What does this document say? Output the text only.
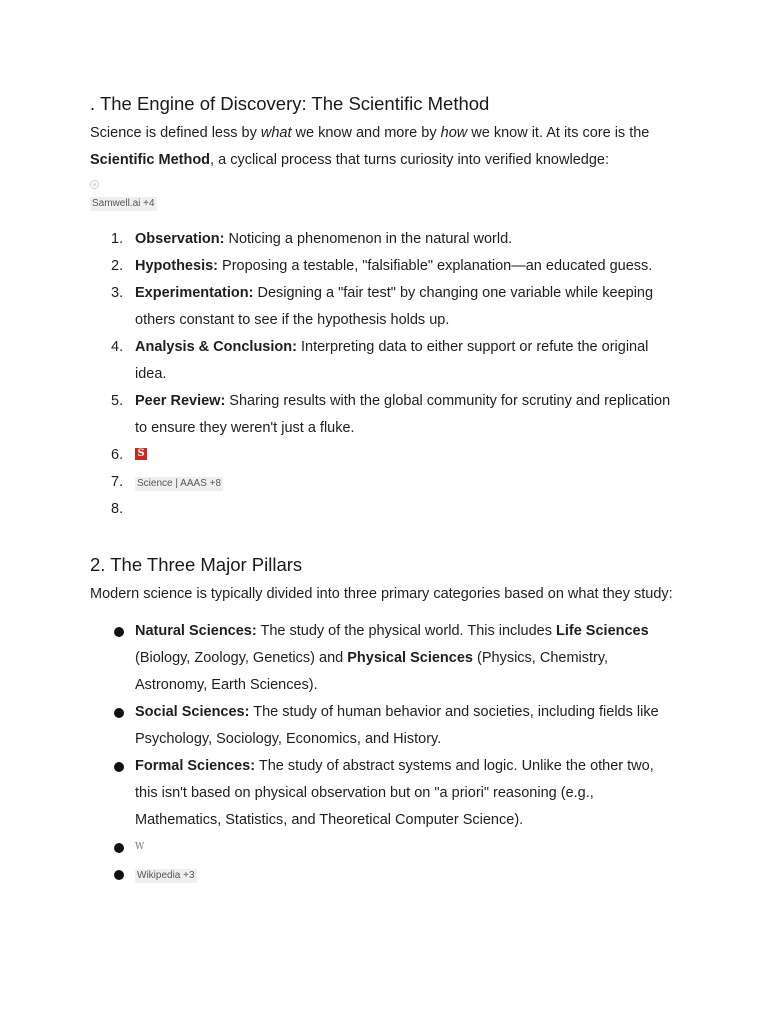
. The Engine of Discovery: The Scientific Method

Science is defined less by what we know and more by how we know it. At its core is the Scientific Method, a cyclical process that turns curiosity into verified knowledge:

Samwell.ai +4
1. Observation: Noticing a phenomenon in the natural world.
2. Hypothesis: Proposing a testable, "falsifiable" explanation—an educated guess.
3. Experimentation: Designing a "fair test" by changing one variable while keeping others constant to see if the hypothesis holds up.
4. Analysis & Conclusion: Interpreting data to either support or refute the original idea.
5. Peer Review: Sharing results with the global community for scrutiny and replication to ensure they weren't just a fluke.
6. S
7. Science | AAAS +8
8.
2. The Three Major Pillars

Modern science is typically divided into three primary categories based on what they study:

Natural Sciences: The study of the physical world. This includes Life Sciences (Biology, Zoology, Genetics) and Physical Sciences (Physics, Chemistry, Astronomy, Earth Sciences).
Social Sciences: The study of human behavior and societies, including fields like Psychology, Sociology, Economics, and History.
Formal Sciences: The study of abstract systems and logic. Unlike the other two, this isn't based on physical observation but on "a priori" reasoning (e.g., Mathematics, Statistics, and Theoretical Computer Science).
W
Wikipedia +3
